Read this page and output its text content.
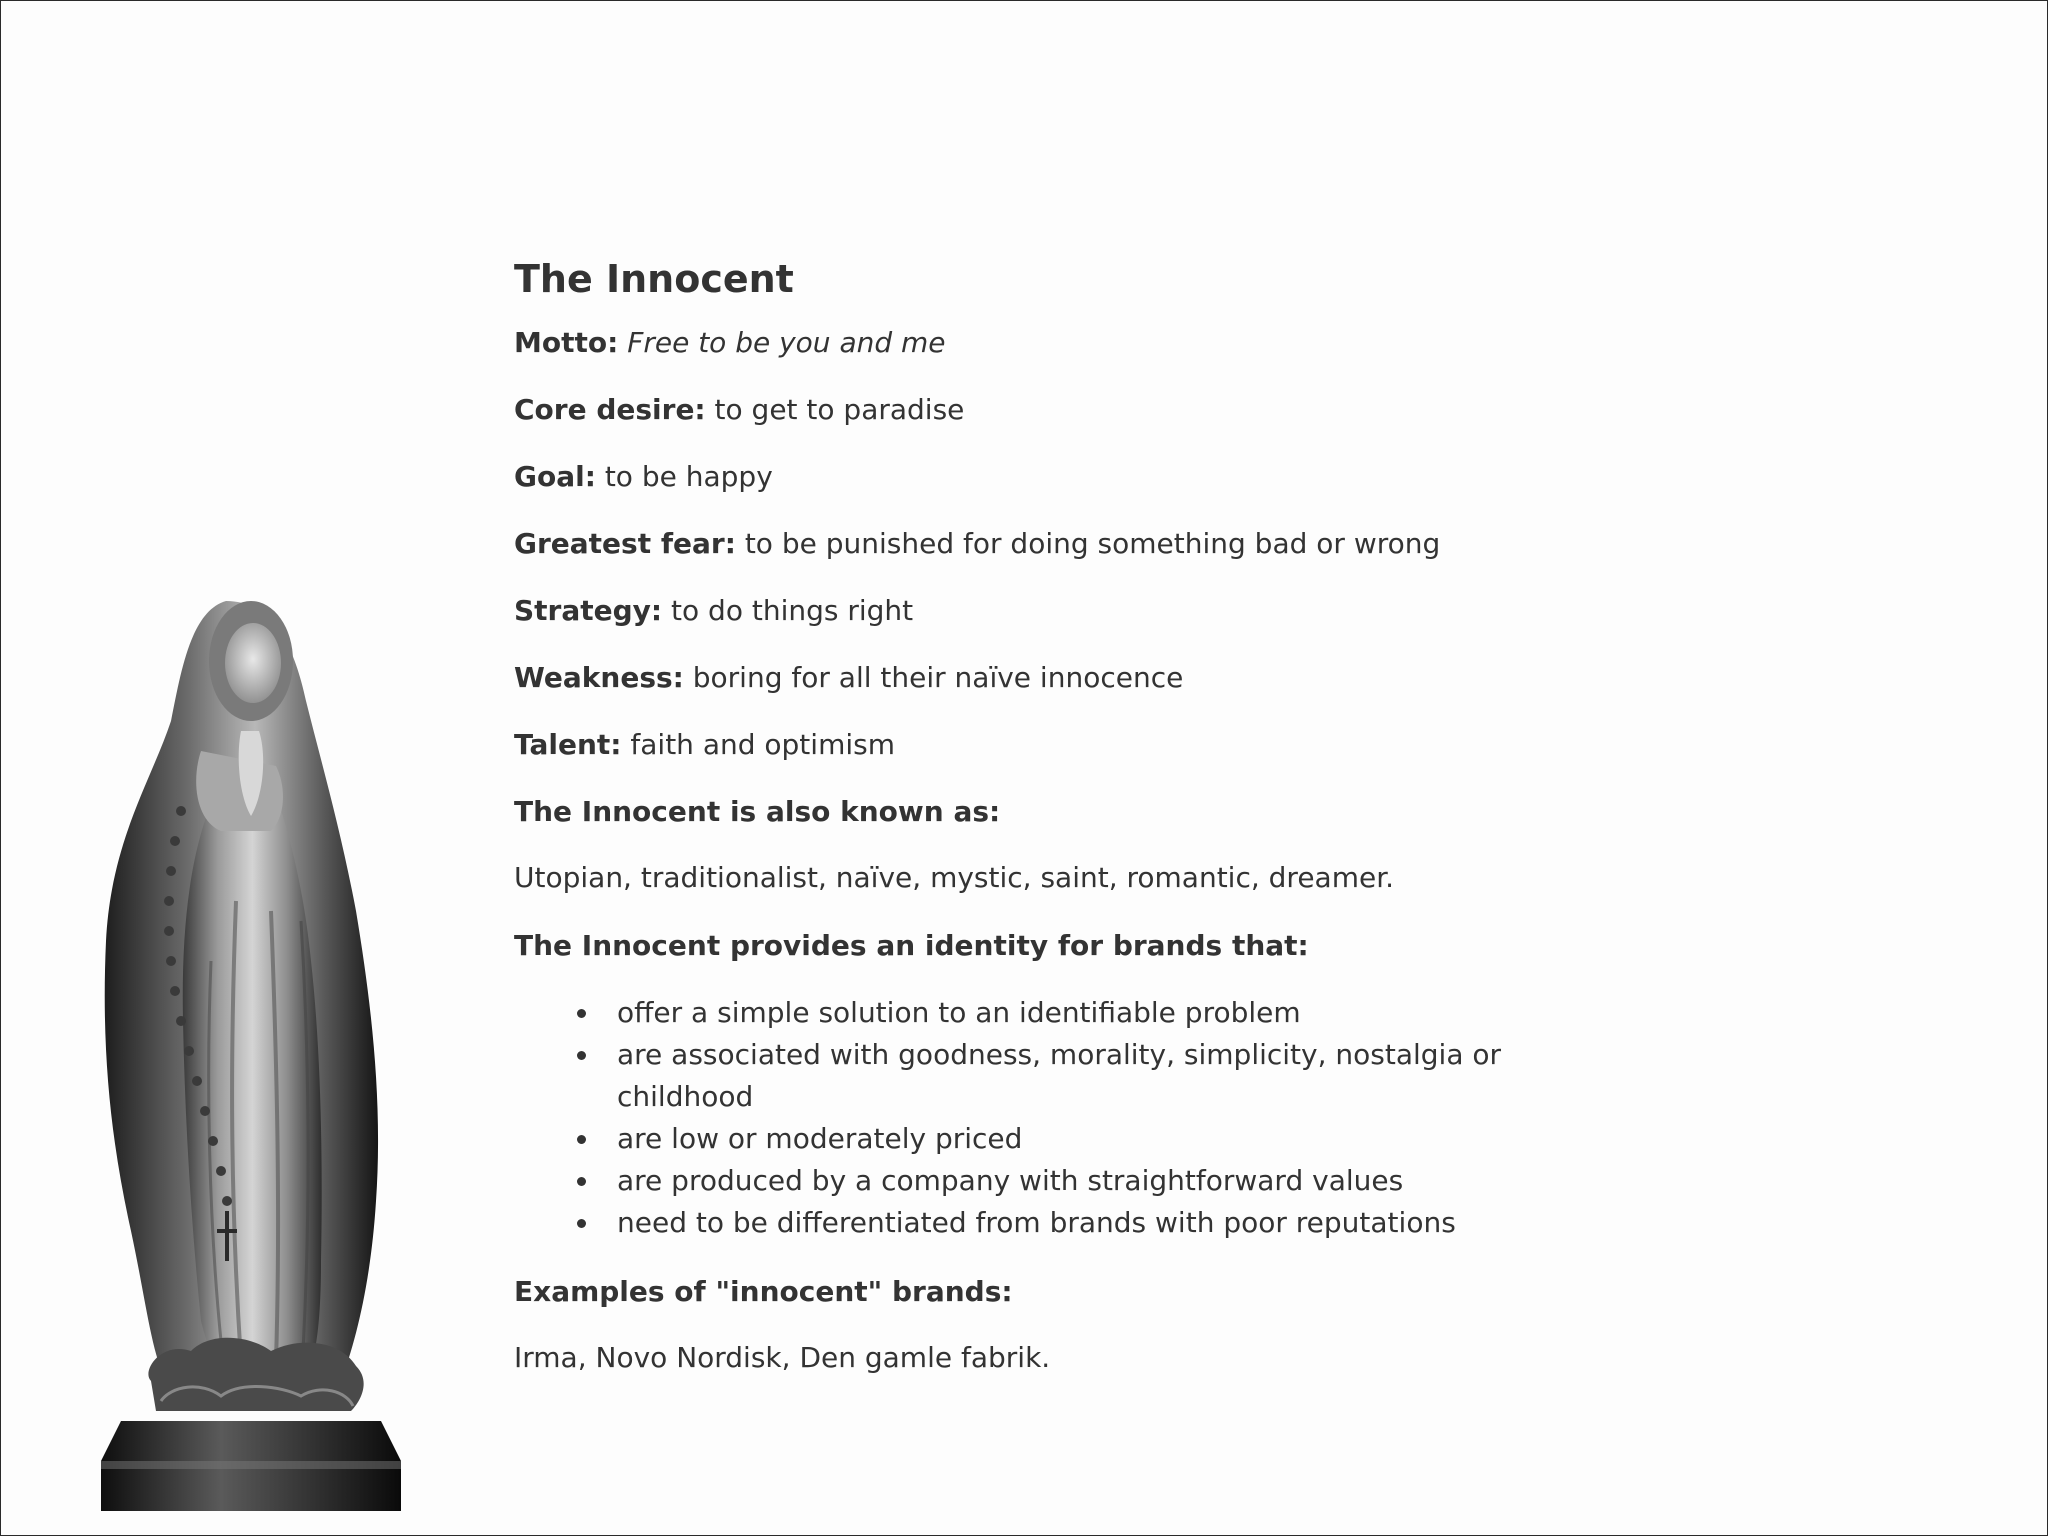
The Innocent

Motto: Free to be you and me

Core desire: to get to paradise

Goal: to be happy

Greatest fear: to be punished for doing something bad or wrong

Strategy: to do things right

Weakness: boring for all their naïve innocence

Talent: faith and optimism

The Innocent is also known as:

Utopian, traditionalist, naïve, mystic, saint, romantic, dreamer.

The Innocent provides an identity for brands that:

offer a simple solution to an identifiable problem
are associated with goodness, morality, simplicity, nostalgia or childhood
are low or moderately priced
are produced by a company with straightforward values
need to be differentiated from brands with poor reputations

Examples of "innocent" brands:

Irma, Novo Nordisk, Den gamle fabrik.
